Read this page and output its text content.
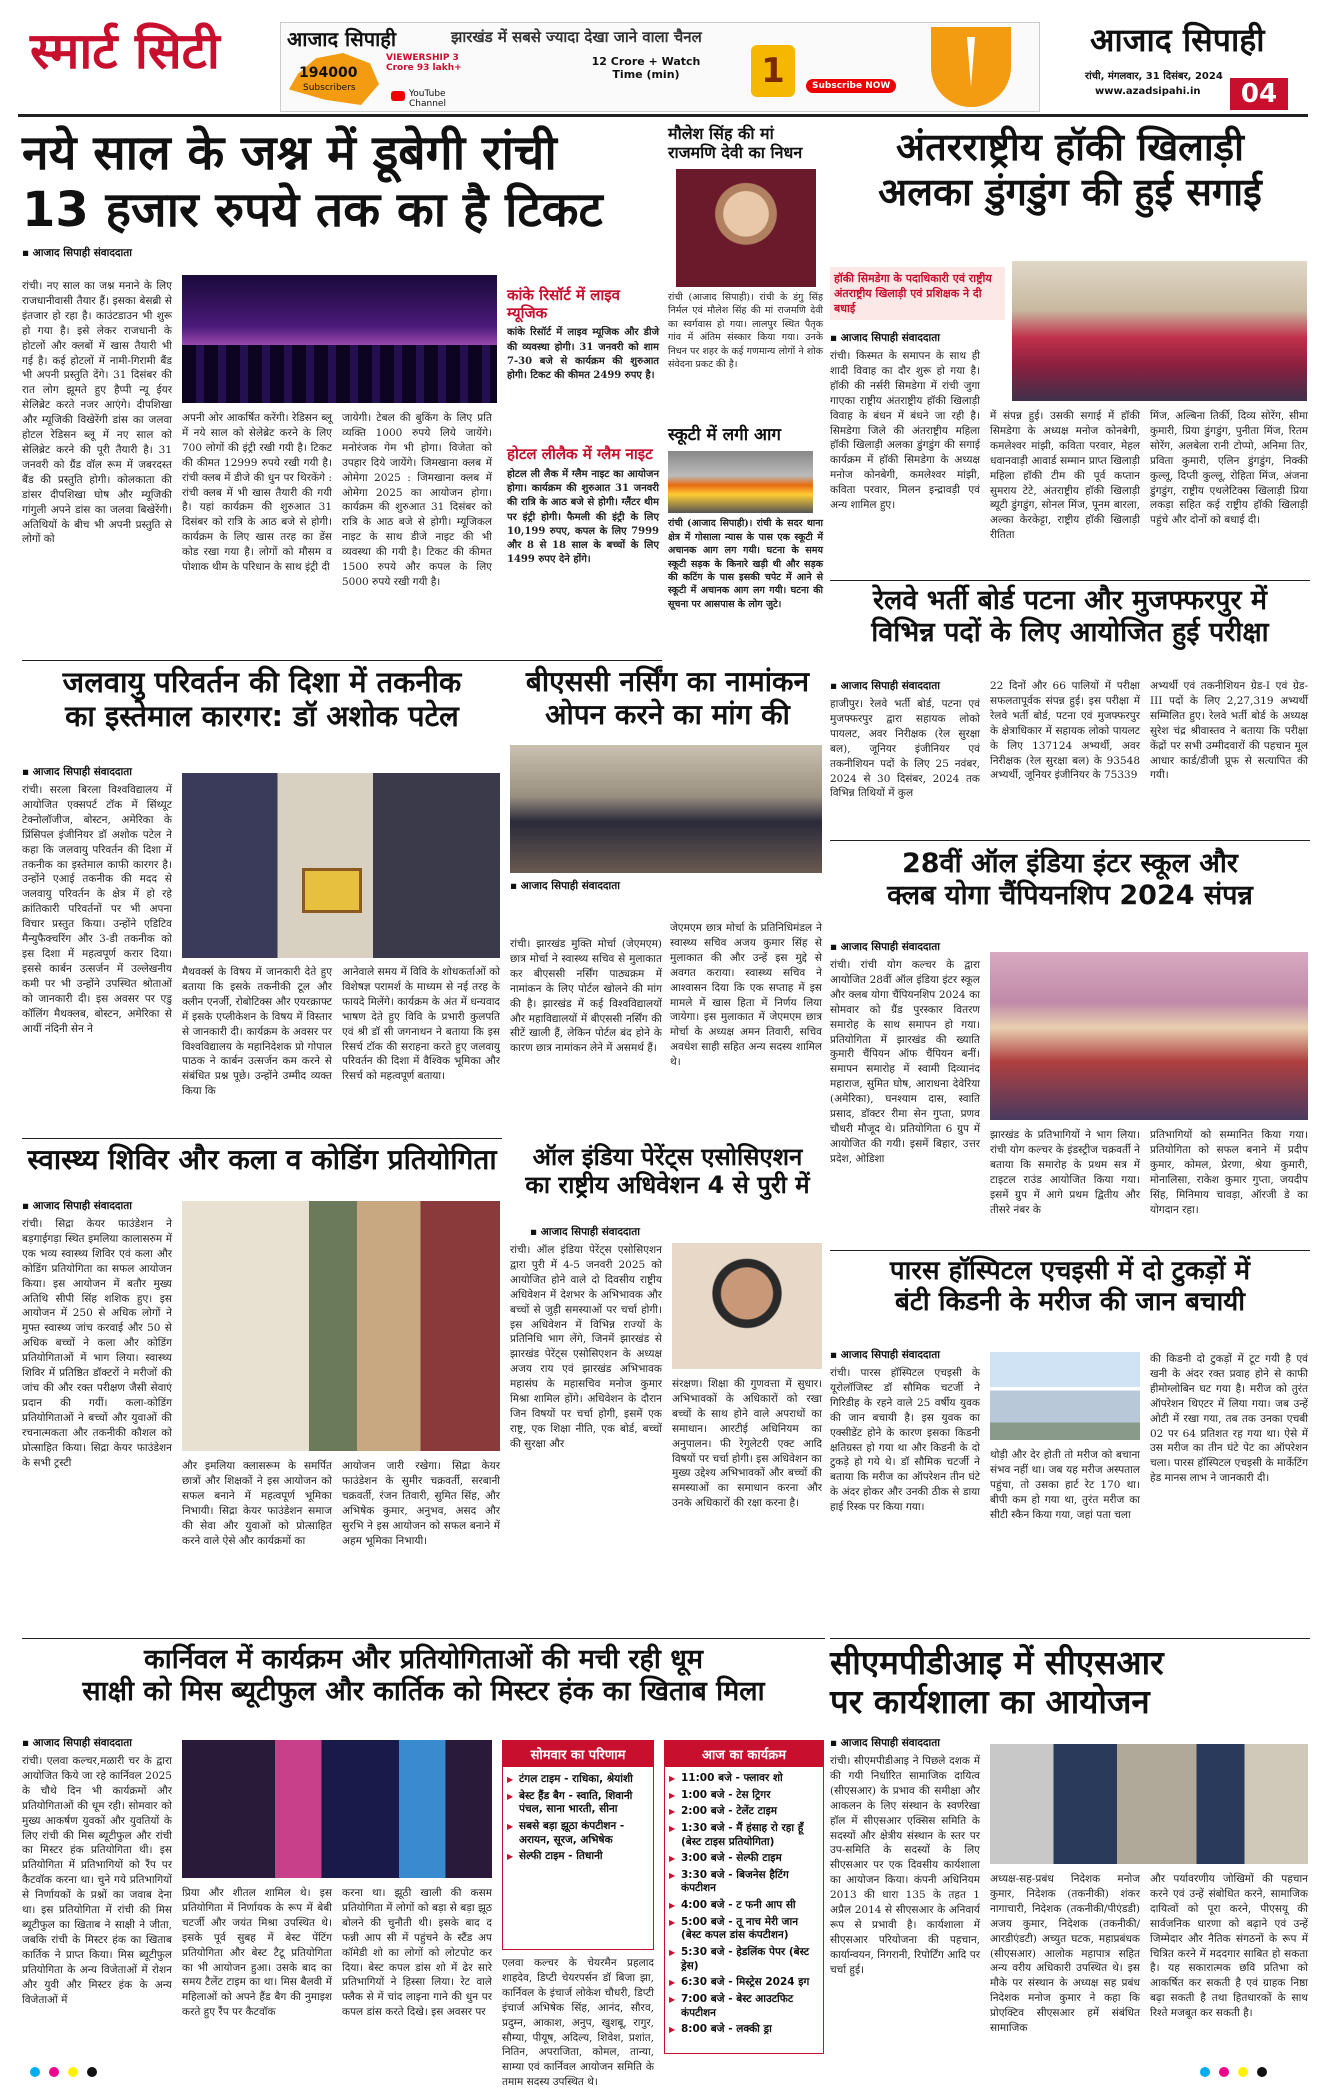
स्मार्ट सिटी	आजाद सिपाही	झारखंड में सबसे ज्यादा देखा जाने वाला चैनल
194000
Subscribers
VIEWERSHIP 3 Crore 93 lakh+
YouTube Channel
12 Crore + Watch Time (min)	1	Subscribe NOW
आजाद सिपाही
रांची, मंगलवार, 31 दिसंबर, 2024
www.azadsipahi.in	04
नये साल के जश्न में डूबेगी रांची
13 हजार रुपये तक का है टिकट
▪ आजाद सिपाही संवाददाता
रांची। नए साल का जश्न मनाने के लिए राजधानीवासी तैयार हैं। इसका बेसब्री से इंतजार हो रहा है। काउंटडाउन भी शुरू हो गया है। इसे लेकर राजधानी के होटलों और क्लबों में खास तैयारी भी गई है। कई होटलों में नामी-गिरामी बैंड भी अपनी प्रस्तुति देंगे। 31 दिसंबर की रात लोग झूमते हुए हैप्पी न्यू ईयर सेलिब्रेट करते नजर आएंगे। दीपशिखा और म्यूजिकी विखेरेंगी डांस का जलवा होटल रेडिसन ब्लू में नए साल को सेलिब्रेट करने की पूरी तैयारी है। 31 जनवरी को ग्रैंड वॉल रूम में जबरदस्त बैंड की प्रस्तुति होगी। कोलकाता की डांसर दीपशिखा घोष और म्यूजिकी गांगुली अपने डांस का जलवा बिखेरेंगी। अतिथियों के बीच भी अपनी प्रस्तुति से लोगों को
अपनी ओर आकर्षित करेंगी। रेडिसन ब्लू में नये साल को सेलेब्रेट करने के लिए 700 लोगों की इंट्री रखी गयी है। टिकट की कीमत 12999 रुपये रखी गयी है। रांची क्लब में डीजे की धुन पर थिरकेंगे : रांची क्लब में भी खास तैयारी की गयी है। यहां कार्यक्रम की शुरुआत 31 दिसंबर को रात्रि के आठ बजे से होगी। कार्यक्रम के लिए खास तरह का डेंस कोड रखा गया है। लोगों को मौसम व पोशाक थीम के परिधान के साथ इंट्री दी
जायेगी। टेबल की बुकिंग के लिए प्रति व्यक्ति 1000 रुपये लिये जायेंगे। मनोरंजक गेम भी होगा। विजेता को उपहार दिये जायेंगे। जिमखाना क्लब में ओमेगा 2025 : जिमखाना क्लब में ओमेगा 2025 का आयोजन होगा। कार्यक्रम की शुरुआत 31 दिसंबर को रात्रि के आठ बजे से होगी। म्यूजिकल नाइट के साथ डीजे नाइट की भी व्यवस्था की गयी है। टिकट की कीमत 1500 रुपये और कपल के लिए 5000 रुपये रखी गयी है।
कांके रिसॉर्ट में लाइव म्यूजिक
कांके रिसॉर्ट में लाइव म्यूजिक और डीजे की व्यवस्था होगी। 31 जनवरी को शाम 7-30 बजे से कार्यक्रम की शुरुआत होगी। टिकट की कीमत 2499 रुपए है।
होटल लीलैक में ग्लैम नाइट
होटल ली लैक में ग्लैम नाइट का आयोजन होगा। कार्यक्रम की शुरुआत 31 जनवरी की रात्रि के आठ बजे से होगी। ग्लैंटर थीम पर इंट्री होगी। फैमली की इंट्री के लिए 10,199 रुपए, कपल के लिए 7999 और 8 से 18 साल के बच्चों के लिए 1499 रुपए देने होंगे।
मौलेश सिंह की मां राजमणि देवी का निधन
रांची (आजाद सिपाही)। रांची के डंगु सिंह निर्मल एवं मौलेश सिंह की मां राजमणि देवी का स्वर्गवास हो गया। लालपुर स्थित पैतृक गांव में अंतिम संस्कार किया गया। उनके निधन पर शहर के कई गणमान्य लोगों ने शोक संवेदना प्रकट की है।
स्कूटी में लगी आग
रांची (आजाद सिपाही)। रांची के सदर थाना क्षेत्र में गोसाला न्यास के पास एक स्कूटी में अचानक आग लग गयी। घटना के समय स्कूटी सड़क के किनारे खड़ी थी और सड़क की कटिंग के पास इसकी चपेट में आने से स्कूटी में अचानक आग लग गयी। घटना की सूचना पर आसपास के लोग जुटे।
अंतरराष्ट्रीय हॉकी खिलाड़ी
अलका डुंगडुंग की हुई सगाई
हॉकी सिमडेगा के पदाधिकारी एवं राष्ट्रीय अंतराष्ट्रीय खिलाड़ी एवं प्रशिक्षक ने दी बधाई
▪ आजाद सिपाही संवाददाता
रांची। किस्मत के समापन के साथ ही शादी विवाह का दौर शुरू हो गया है। हॉकी की नर्सरी सिमडेगा में रांची जुगा गाएका राष्ट्रीय अंतराष्ट्रीय हॉकी खिलाड़ी विवाह के बंधन में बंधने जा रही है। सिमडेगा जिले की अंतराष्ट्रीय महिला हॉकी खिलाड़ी अलका डुंगडुंग की सगाई कार्यक्रम में हॉकी सिमडेगा के अध्यक्ष मनोज कोनबेगी, कमलेश्वर मांझी, कविता परवार, मिलन इन्द्रावड़ी एवं अन्य शामिल हुए।
में संपन्न हुई। उसकी सगाई में हॉकी सिमडेगा के अध्यक्ष मनोज कोनबेगी, कमलेश्वर मांझी, कविता परवार, मेहल धवानवाड़ी आवार्ड सम्मान प्राप्त खिलाड़ी महिला हॉकी टीम की पूर्व कप्तान सुमराय टेटे, अंतराष्ट्रीय हॉकी खिलाड़ी ब्यूटी डुंगडुंग, सोनल मिंज, पूनम बारला, अल्का केरकेट्टा, राष्ट्रीय हॉकी खिलाड़ी रीतिता
मिंज, अल्बिना तिर्की, दिव्य सोरेंग, सीमा कुमारी, प्रिया डुंगडुंग, पुनीता मिंज, रितम सोरेंग, अलबेला रानी टोप्पो, अनिमा तिर, प्रविता कुमारी, एलिन डुंगडुंग, निक्की कुल्लू, दिप्ती कुल्लू, रोहिता मिंज, अंजना डुंगडुंग, राष्ट्रीय एथलेटिक्स खिलाड़ी प्रिया लकड़ा सहित कई राष्ट्रीय हॉकी खिलाड़ी पहुंचे और दोनों को बधाई दी।
जलवायु परिवर्तन की दिशा में तकनीक
का इस्तेमाल कारगर: डॉ अशोक पटेल
▪ आजाद सिपाही संवाददाता
रांची। सरला बिरला विश्वविद्यालय में आयोजित एक्सपर्ट टॉक में सिंथ्यूट टेक्नोलॉजीज, बोस्टन, अमेरिका के प्रिंसिपल इंजीनियर डॉ अशोक पटेल ने कहा कि जलवायु परिवर्तन की दिशा में तकनीक का इस्तेमाल काफी कारगर है। उन्होंने एआई तकनीक की मदद से जलवायु परिवर्तन के क्षेत्र में हो रहे क्रांतिकारी परिवर्तनों पर भी अपना विचार प्रस्तुत किया। उन्होंने एडिटिव मैन्युफैक्चरिंग और 3-डी तकनीक को इस दिशा में महत्वपूर्ण करार दिया। इससे कार्बन उत्सर्जन में उल्लेखनीय कमी पर भी उन्होंने उपस्थित श्रोताओं को जानकारी दी। इस अवसर पर एडु कॉलिंग मैथक्लब, बोस्टन, अमेरिका से आयीं नंदिनी सेन ने
मैथवर्क्स के विषय में जानकारी देते हुए बताया कि इसके तकनीकी टूल और क्लीन एनर्जी, रोबोटिक्स और एयरक्राफ्ट में इसके एप्लीकेशन के विषय में विस्तार से जानकारी दी। कार्यक्रम के अवसर पर विश्वविद्यालय के महानिदेशक प्रो गोपाल पाठक ने कार्बन उत्सर्जन कम करने से संबंधित प्रश्न पूछे। उन्होंने उम्मीद व्यक्त किया कि
आनेवाले समय में विवि के शोधकर्ताओं को विशेषज्ञ परामर्श के माध्यम से नई तरह के फायदे मिलेंगे। कार्यक्रम के अंत में धन्यवाद भाषण देते हुए विवि के प्रभारी कुलपति एवं श्री डॉ सी जगनाथन ने बताया कि इस रिसर्च टॉक की सराहना करते हुए जलवायु परिवर्तन की दिशा में वैश्विक भूमिका और रिसर्च को महत्वपूर्ण बताया।
बीएससी नर्सिंग का नामांकन
ओपन करने का मांग की
▪ आजाद सिपाही संवाददाता
रांची। झारखंड मुक्ति मोर्चा (जेएमएम) छात्र मोर्चा ने स्वास्थ्य सचिव से मुलाकात कर बीएससी नर्सिंग पाठ्यक्रम में नामांकन के लिए पोर्टल खोलने की मांग की है। झारखंड में कई विश्वविद्यालयों और महाविद्यालयों में बीएससी नर्सिंग की सीटें खाली हैं, लेकिन पोर्टल बंद होने के कारण छात्र नामांकन लेने में असमर्थ हैं।
जेएमएम छात्र मोर्चा के प्रतिनिधिमंडल ने स्वास्थ्य सचिव अजय कुमार सिंह से मुलाकात की और उन्हें इस मुद्दे से अवगत कराया। स्वास्थ्य सचिव ने आश्वासन दिया कि एक सप्ताह में इस मामले में खास हिता में निर्णय लिया जायेगा। इस मुलाकात में जेएमएम छात्र मोर्चा के अध्यक्ष अमन तिवारी, सचिव अवधेश साही सहित अन्य सदस्य शामिल थे।
रेलवे भर्ती बोर्ड पटना और मुजफ्फरपुर में
विभिन्न पदों के लिए आयोजित हुई परीक्षा
▪ आजाद सिपाही संवाददाता
हाजीपुर। रेलवे भर्ती बोर्ड, पटना एवं मुजफ्फरपुर द्वारा सहायक लोको पायलट, अवर निरीक्षक (रेल सुरक्षा बल), जूनियर इंजीनियर एवं तकनीशियन पदों के लिए 25 नवंबर, 2024 से 30 दिसंबर, 2024 तक विभिन्न तिथियों में कुल
22 दिनों और 66 पालियों में परीक्षा सफलतापूर्वक संपन्न हुई। इस परीक्षा में रेलवे भर्ती बोर्ड, पटना एवं मुजफ्फरपुर के क्षेत्राधिकार में सहायक लोको पायलट के लिए 137124 अभ्यर्थी, अवर निरीक्षक (रेल सुरक्षा बल) के 93548 अभ्यर्थी, जूनियर इंजीनियर के 75339
अभ्यर्थी एवं तकनीशियन ग्रेड-I एवं ग्रेड-III पदों के लिए 2,27,319 अभ्यर्थी सम्मिलित हुए। रेलवे भर्ती बोर्ड के अध्यक्ष सुरेश चंद्र श्रीवास्तव ने बताया कि परीक्षा केंद्रों पर सभी उम्मीदवारों की पहचान मूल आधार कार्ड/डीजी प्रूफ से सत्यापित की गयी।
28वीं ऑल इंडिया इंटर स्कूल और
क्लब योगा चैंपियनशिप 2024 संपन्न
▪ आजाद सिपाही संवाददाता
रांची। रांची योग कल्चर के द्वारा आयोजित 28वीं ऑल इंडिया इंटर स्कूल और क्लब योगा चैंपियनशिप 2024 का सोमवार को ग्रैंड पुरस्कार वितरण समारोह के साथ समापन हो गया। प्रतियोगिता में झारखंड की ख्याति कुमारी चैंपियन ऑफ चैंपियन बनीं। समापन समारोह में स्वामी दिव्यानंद महाराज, सुमित घोष, आराधना देवेरिया (अमेरिका), घनश्याम दास, स्वाति प्रसाद, डॉक्टर रीमा सेन गुप्ता, प्रणव चौधरी मौजूद थे। प्रतियोगिता 6 ग्रुप में आयोजित की गयी। इसमें बिहार, उत्तर प्रदेश, ओडिशा
झारखंड के प्रतिभागियों ने भाग लिया। रांची योग कल्चर के इंडस्ट्रीज चक्रवर्ती ने बताया कि समारोह के प्रथम सत्र में टाइटल राउंड आयोजित किया गया। इसमें ग्रुप में आगे प्रथम द्वितीय और तीसरे नंबर के
प्रतिभागियों को सम्मानित किया गया। प्रतियोगिता को सफल बनाने में प्रदीप कुमार, कोमल, प्रेरणा, श्रेया कुमारी, मोनालिसा, राकेश कुमार गुप्ता, जयदीप सिंह, मिनिमाय चावड़ा, ऑरजी डे का योगदान रहा।
स्वास्थ्य शिविर और कला व कोडिंग प्रतियोगिता
▪ आजाद सिपाही संवाददाता
रांची। सिद्रा केयर फाउंडेशन ने बड़गाईगड़ा स्थित इमलिया कालासरुम में एक भव्य स्वास्थ्य शिविर एवं कला और कोडिंग प्रतियोगिता का सफल आयोजन किया। इस आयोजन में बतौर मुख्य अतिथि सीपी सिंह शशिक हुए। इस आयोजन में 250 से अधिक लोगों ने मुफ्त स्वास्थ्य जांच करवाई और 50 से अधिक बच्चों ने कला और कोडिंग प्रतियोगिताओं में भाग लिया। स्वास्थ्य शिविर में प्रतिष्ठित डॉक्टरों ने मरीजों की जांच की और रक्त परीक्षण जैसी सेवाएं प्रदान की गयीं। कला-कोडिंग प्रतियोगिताओं ने बच्चों और युवाओं की रचनात्मकता और तकनीकी कौशल को प्रोत्साहित किया। सिद्रा केयर फाउंडेशन के सभी ट्रस्टी	और इमलिया क्लासरूम के समर्पित छात्रों और शिक्षकों ने इस आयोजन को सफल बनाने में महत्वपूर्ण भूमिका निभायी। सिद्रा केयर फाउंडेशन समाज की सेवा और युवाओं को प्रोत्साहित करने वाले ऐसे और कार्यक्रमों का
आयोजन जारी रखेगा। सिद्रा केयर फाउंडेशन के सुमीर चक्रवर्ती, सरबानी चक्रवर्ती, रंजन तिवारी, सुमित सिंह, और अभिषेक कुमार, अनुभव, असद और सुरभि ने इस आयोजन को सफल बनाने में अहम भूमिका निभायी।
ऑल इंडिया पेरेंट्स एसोसिएशन
का राष्ट्रीय अधिवेशन 4 से पुरी में
▪ आजाद सिपाही संवाददाता
रांची। ऑल इंडिया पेरेंट्स एसोसिएशन द्वारा पुरी में 4-5 जनवरी 2025 को आयोजित होने वाले दो दिवसीय राष्ट्रीय अधिवेशन में देशभर के अभिभावक और बच्चों से जुड़ी समस्याओं पर चर्चा होगी। इस अधिवेशन में विभिन्न राज्यों के प्रतिनिधि भाग लेंगे, जिनमें झारखंड से झारखंड पेरेंट्स एसोसिएशन के अध्यक्ष अजय राय एवं झारखंड अभिभावक महासंघ के महासचिव मनोज कुमार मिश्रा शामिल होंगे। अधिवेशन के दौरान जिन विषयों पर चर्चा होगी, इसमें एक राष्ट्र, एक शिक्षा नीति, एक बोर्ड, बच्चों की सुरक्षा और
संरक्षण। शिक्षा की गुणवत्ता में सुधार। अभिभावकों के अधिकारों को रखा बच्चों के साथ होने वाले अपराधों का समाधान। आरटीई अधिनियम का अनुपालन। फी रेगुलेटरी एक्ट आदि विषयों पर चर्चा होगी। इस अधिवेशन का मुख्य उद्देश्य अभिभावकों और बच्चों की समस्याओं का समाधान करना और उनके अधिकारों की रक्षा करना है।
पारस हॉस्पिटल एचइसी में दो टुकड़ों में
बंटी किडनी के मरीज की जान बचायी
▪ आजाद सिपाही संवाददाता
रांची। पारस हॉस्पिटल एचइसी के यूरोलॉजिस्ट डॉ सौमिक चटर्जी ने गिरिडीह के रहने वाले 25 वर्षीय युवक की जान बचायी है। इस युवक का एक्सीडेंट होने के कारण इसका किडनी क्षतिग्रस्त हो गया था और किडनी के दो टुकड़े हो गये थे। डॉ सौमिक चटर्जी ने बताया कि मरीज का ऑपरेशन तीन घंटे के अंदर होकर और उनकी ठीक से डाया हाई रिस्क पर किया गया।
थोड़ी और देर होती तो मरीज को बचाना संभव नहीं था। जब यह मरीज अस्पताल पहुंचा, तो उसका हार्ट रेट 170 था। बीपी कम हो गया था, तुरंत मरीज का सीटी स्कैन किया गया, जहां पता चला
की किडनी दो टुकड़ों में टूट गयी है एवं खनी के अंदर रक्त प्रवाह होने से काफी हीमोग्लोबिन घट गया है। मरीज को तुरंत ऑपरेशन थिएटर में लिया गया। जब उन्हें ओटी में रखा गया, तब तक उनका एचबी 02 पर 64 प्रतिशत रह गया था। ऐसे में उस मरीज का तीन घंटे पेट का ऑपरेशन चला। पारस हॉस्पिटल एचइसी के मार्केटिंग हेड मानस लाभ ने जानकारी दी।
कार्निवल में कार्यक्रम और प्रतियोगिताओं की मची रही धूम
साक्षी को मिस ब्यूटीफुल और कार्तिक को मिस्टर हंक का खिताब मिला
▪ आजाद सिपाही संवाददाता
रांची। एलवा कल्चर,मळारी चर के द्वारा आयोजित किये जा रहे कार्निवल 2025 के चौथे दिन भी कार्यक्रमों और प्रतियोगिताओं की धूम रही। सोमवार को मुख्य आकर्षण युवकों और युवतियों के लिए रांची की मिस ब्यूटीफुल और रांची का मिस्टर हंक प्रतियोगिता थी। इस प्रतियोगिता में प्रतिभागियों को रैंप पर कैटवॉक करना था। चुने गये प्रतिभागियों से निर्णायकों के प्रश्नों का जवाब देना था। इस प्रतियोगिता में रांची की मिस ब्यूटीफुल का खिताब ने साक्षी ने जीता, जबकि रांची के मिस्टर हंक का खिताब कार्तिक ने प्राप्त किया। मिस ब्यूटीफुल प्रतियोगिता के अन्य विजेताओं में रोशन और युवी और मिस्टर हंक के अन्य विजेताओं में
प्रिया और शीतल शामिल थे। इस प्रतियोगिता में निर्णायक के रूप में बेबी चटर्जी और जयंत मिश्रा उपस्थित थे। इसके पूर्व सुबह में बेस्ट पेंटिंग प्रतियोगिता और बेस्ट टैटू प्रतियोगिता का भी आयोजन हुआ। उसके बाद का समय टैलेंट टाइम का था। मिस बैलवी में महिलाओं को अपने हैंड बैग की नुमाइश करते हुए रैंप पर कैटवॉक
करना था। झूठी खाली की कसम प्रतियोगिता में लोगों को बड़ा से बड़ा झूठ बोलने की चुनौती थी। इसके बाद द फन्नी आप सी में पहुंचने के स्टैंड अप कॉमेडी शो का लोगों को लोटपोट कर दिया। बेस्ट कपल डांस शो में ढेर सारे प्रतिभागियों ने हिस्सा लिया। रेट वाले फ्लैक से में चांद लाइना गाने की धुन पर कपल डांस करते दिखे। इस अवसर पर
सोमवार का परिणाम
▶ टंगल टाइम - राधिका, श्रेयांशी
▶ बेस्ट हैंड बैग - स्वाति, शिवानी पंचल, साना भारती, सीना
▶ सबसे बड़ा झूठा कंपटीशन - अरायन, सूरज, अभिषेक
▶ सेल्फी टाइम - तिधानी
एलवा कल्चर के चेयरमैन प्रहलाद शाहदेव, डिप्टी चेयरपर्सन डॉ बिजा झा, कार्निवल के इंचार्ज लोकेश चौधरी, डिप्टी इंचार्ज अभिषेक सिंह, आनंद, सौरव, प्रदुम्न, आकाश, अनुप, खुशबू, रागुर, सौम्या, पीयूष, अदिल्य, शिवेश, प्रशांत, नितिन, अपराजिता, कोमल, तान्या, साम्या एवं कार्निवल आयोजन समिति के तमाम सदस्य उपस्थित थे।
आज का कार्यक्रम
▶ 11:00 बजे - फ्लावर शो
▶ 1:00 बजे - टेस ट्रिगर
▶ 2:00 बजे - टेलेंट टाइम
▶ 1:30 बजे - मैं हंसाह रो रहा हूँ (बेस्ट टाइस प्रतियोगिता)
▶ 3:00 बजे - सेल्फी टाइम
▶ 3:30 बजे - बिजनेस हैटिंग कंपटीशन
▶ 4:00 बजे - ट फनी आप सी
▶ 5:00 बजे - तू नाच मेरी जान (बेस्ट कपल डांस कंपटीशन)
▶ 5:30 बजे - हेडलिंक पेपर (बेस्ट ड्रेस)
▶ 6:30 बजे - मिस्ट्रेस 2024 इग
▶ 7:00 बजे - बेस्ट आउटफिट कंपटीशन
▶ 8:00 बजे - लक्की ड्रा
सीएमपीडीआइ में सीएसआर
पर कार्यशाला का आयोजन
▪ आजाद सिपाही संवाददाता
रांची। सीएमपीडीआइ ने पिछले दशक में की गयी निर्धारित सामाजिक दायित्व (सीएसआर) के प्रभाव की समीक्षा और आकलन के लिए संस्थान के स्वर्णरेखा हॉल में सीएसआर एक्सिस समिति के सदस्यों और क्षेत्रीय संस्थान के स्तर पर उप-समिति के सदस्यों के लिए सीएसआर पर एक दिवसीय कार्यशाला का आयोजन किया। कंपनी अधिनियम 2013 की धारा 135 के तहत 1 अप्रैल 2014 से सीएसआर के अनिवार्य रूप से प्रभावी है। कार्यशाला में सीएसआर परियोजना की पहचान, कार्यान्वयन, निगरानी, रिपोर्टिंग आदि पर चर्चा हुई।
अध्यक्ष-सह-प्रबंध निदेशक मनोज कुमार, निदेशक (तकनीकी) शंकर नागाचारी, निदेशक (तकनीकी/पीएंडडी) अजय कुमार, निदेशक (तकनीकी/आरडीएंडटी) अच्युत घटक, महाप्रबंधक (सीएसआर) आलोक महापात्र सहित अन्य वरीय अधिकारी उपस्थित थे। इस मौके पर संस्थान के अध्यक्ष सह प्रबंध निदेशक मनोज कुमार ने कहा कि प्रोएक्टिव सीएसआर हमें संबंधित सामाजिक
और पर्यावरणीय जोखिमों की पहचान करने एवं उन्हें संबोधित करने, सामाजिक दायित्वों को पूरा करने, पीएसयू की सार्वजनिक धारणा को बढ़ाने एवं उन्हें जिम्मेदार और नैतिक संगठनों के रूप में चित्रित करने में मददगार साबित हो सकता है। यह सकारात्मक छवि प्रतिभा को आकर्षित कर सकती है एवं ग्राहक निष्ठा बढ़ा सकती है तथा हितधारकों के साथ रिश्ते मजबूत कर सकती है।
